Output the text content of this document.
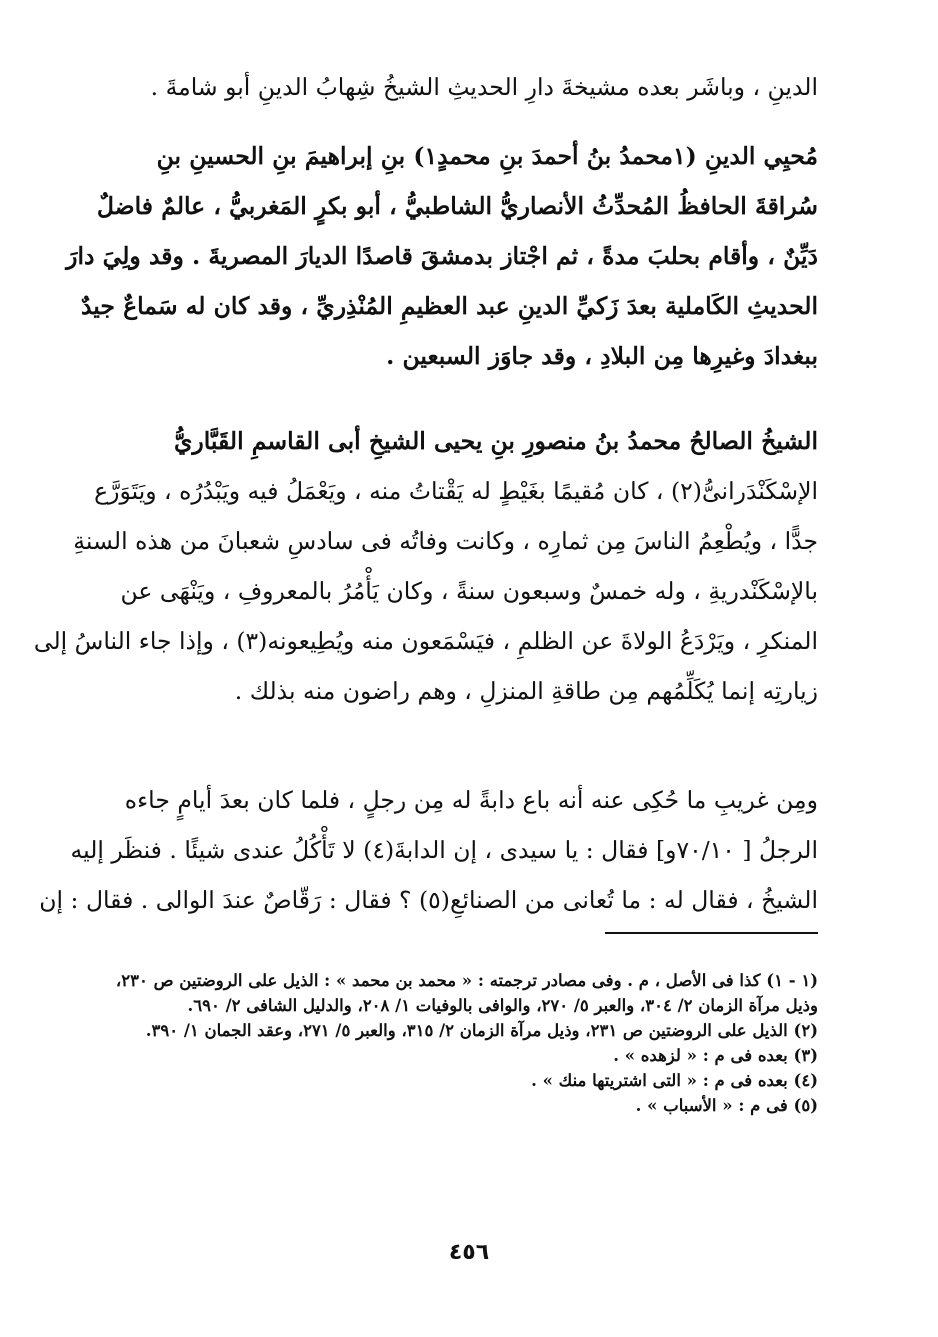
الدينِ ، وباشَر بعده مشيخةَ دارِ الحديثِ الشيخُ شِهابُ الدينِ أبو شامةَ .
مُحيِي الدينِ (١محمدُ بنُ أحمدَ بنِ محمدٍ١) بنِ إبراهيمَ بنِ الحسينِ بنِ
سُراقةَ الحافظُ المُحدِّثُ الأنصاريُّ الشاطبيُّ ، أبو بكرٍ المَغربيُّ ، عالمٌ فاضلٌ
دَيِّنٌ ، وأقام بحلبَ مدةً ، ثم اجْتاز بدمشقَ قاصدًا الديارَ المصريةَ . وقد ولِيَ دارَ
الحديثِ الكَاملية بعدَ زَكيِّ الدينِ عبد العظيمِ المُنْذِريِّ ، وقد كان له سَماعٌ جيدٌ
ببغدادَ وغيرِها مِن البلادِ ، وقد جاوَز السبعين .
الشيخُ الصالحُ محمدُ بنُ منصورِ بنِ يحيى الشيخِ أبى القاسمِ القَبَّاريُّ
الإسْكَنْدَرانىُّ(٢) ، كان مُقيمًا بغَيْطٍ له يَقْتاتُ منه ، ويَعْمَلُ فيه ويَبْدُرُه ، ويَتَوَرَّع
جدًّا ، ويُطْعِمُ الناسَ مِن ثمارِه ، وكانت وفاتُه فى سادسِ شعبانَ من هذه السنةِ
بالإسْكَنْدريةِ ، وله خمسٌ وسبعون سنةً ، وكان يَأْمُرُ بالمعروفِ ، ويَنْهَى عن
المنكرِ ، ويَرْدَعُ الولاةَ عن الظلمِ ، فيَسْمَعون منه ويُطِيعونه(٣) ، وإذا جاء الناسُ إلى
زيارتِه إنما يُكَلِّمُهم مِن طاقةِ المنزلِ ، وهم راضون منه بذلك .
ومِن غريبِ ما حُكِى عنه أنه باع دابةً له مِن رجلٍ ، فلما كان بعدَ أيامٍ جاءه
الرجلُ [ ٧٠/١٠و] فقال : يا سيدى ، إن الدابةَ(٤) لا تَأْكُلُ عندى شيئًا . فنظَر إليه
الشيخُ ، فقال له : ما تُعانى من الصنائعِ(٥) ؟ فقال : رَقّاصٌ عندَ الوالى . فقال : إن
(١ - ١) كذا فى الأصل ، م . وفى مصادر ترجمته : « محمد بن محمد » : الذيل على الروضتين ص ٢٣٠،
وذيل مرآة الزمان ٢/ ٣٠٤، والعبر ٥/ ٢٧٠، والوافى بالوفيات ١/ ٢٠٨، والدليل الشافى ٢/ ٦٩٠.
(٢) الذيل على الروضتين ص ٢٣١، وذيل مرآة الزمان ٢/ ٣١٥، والعبر ٥/ ٢٧١، وعقد الجمان ١/ ٣٩٠.
(٣) بعده فى م : « لزهده » .
(٤) بعده فى م : « التى اشتريتها منك » .
(٥) فى م : « الأسباب » .
٤٥٦
